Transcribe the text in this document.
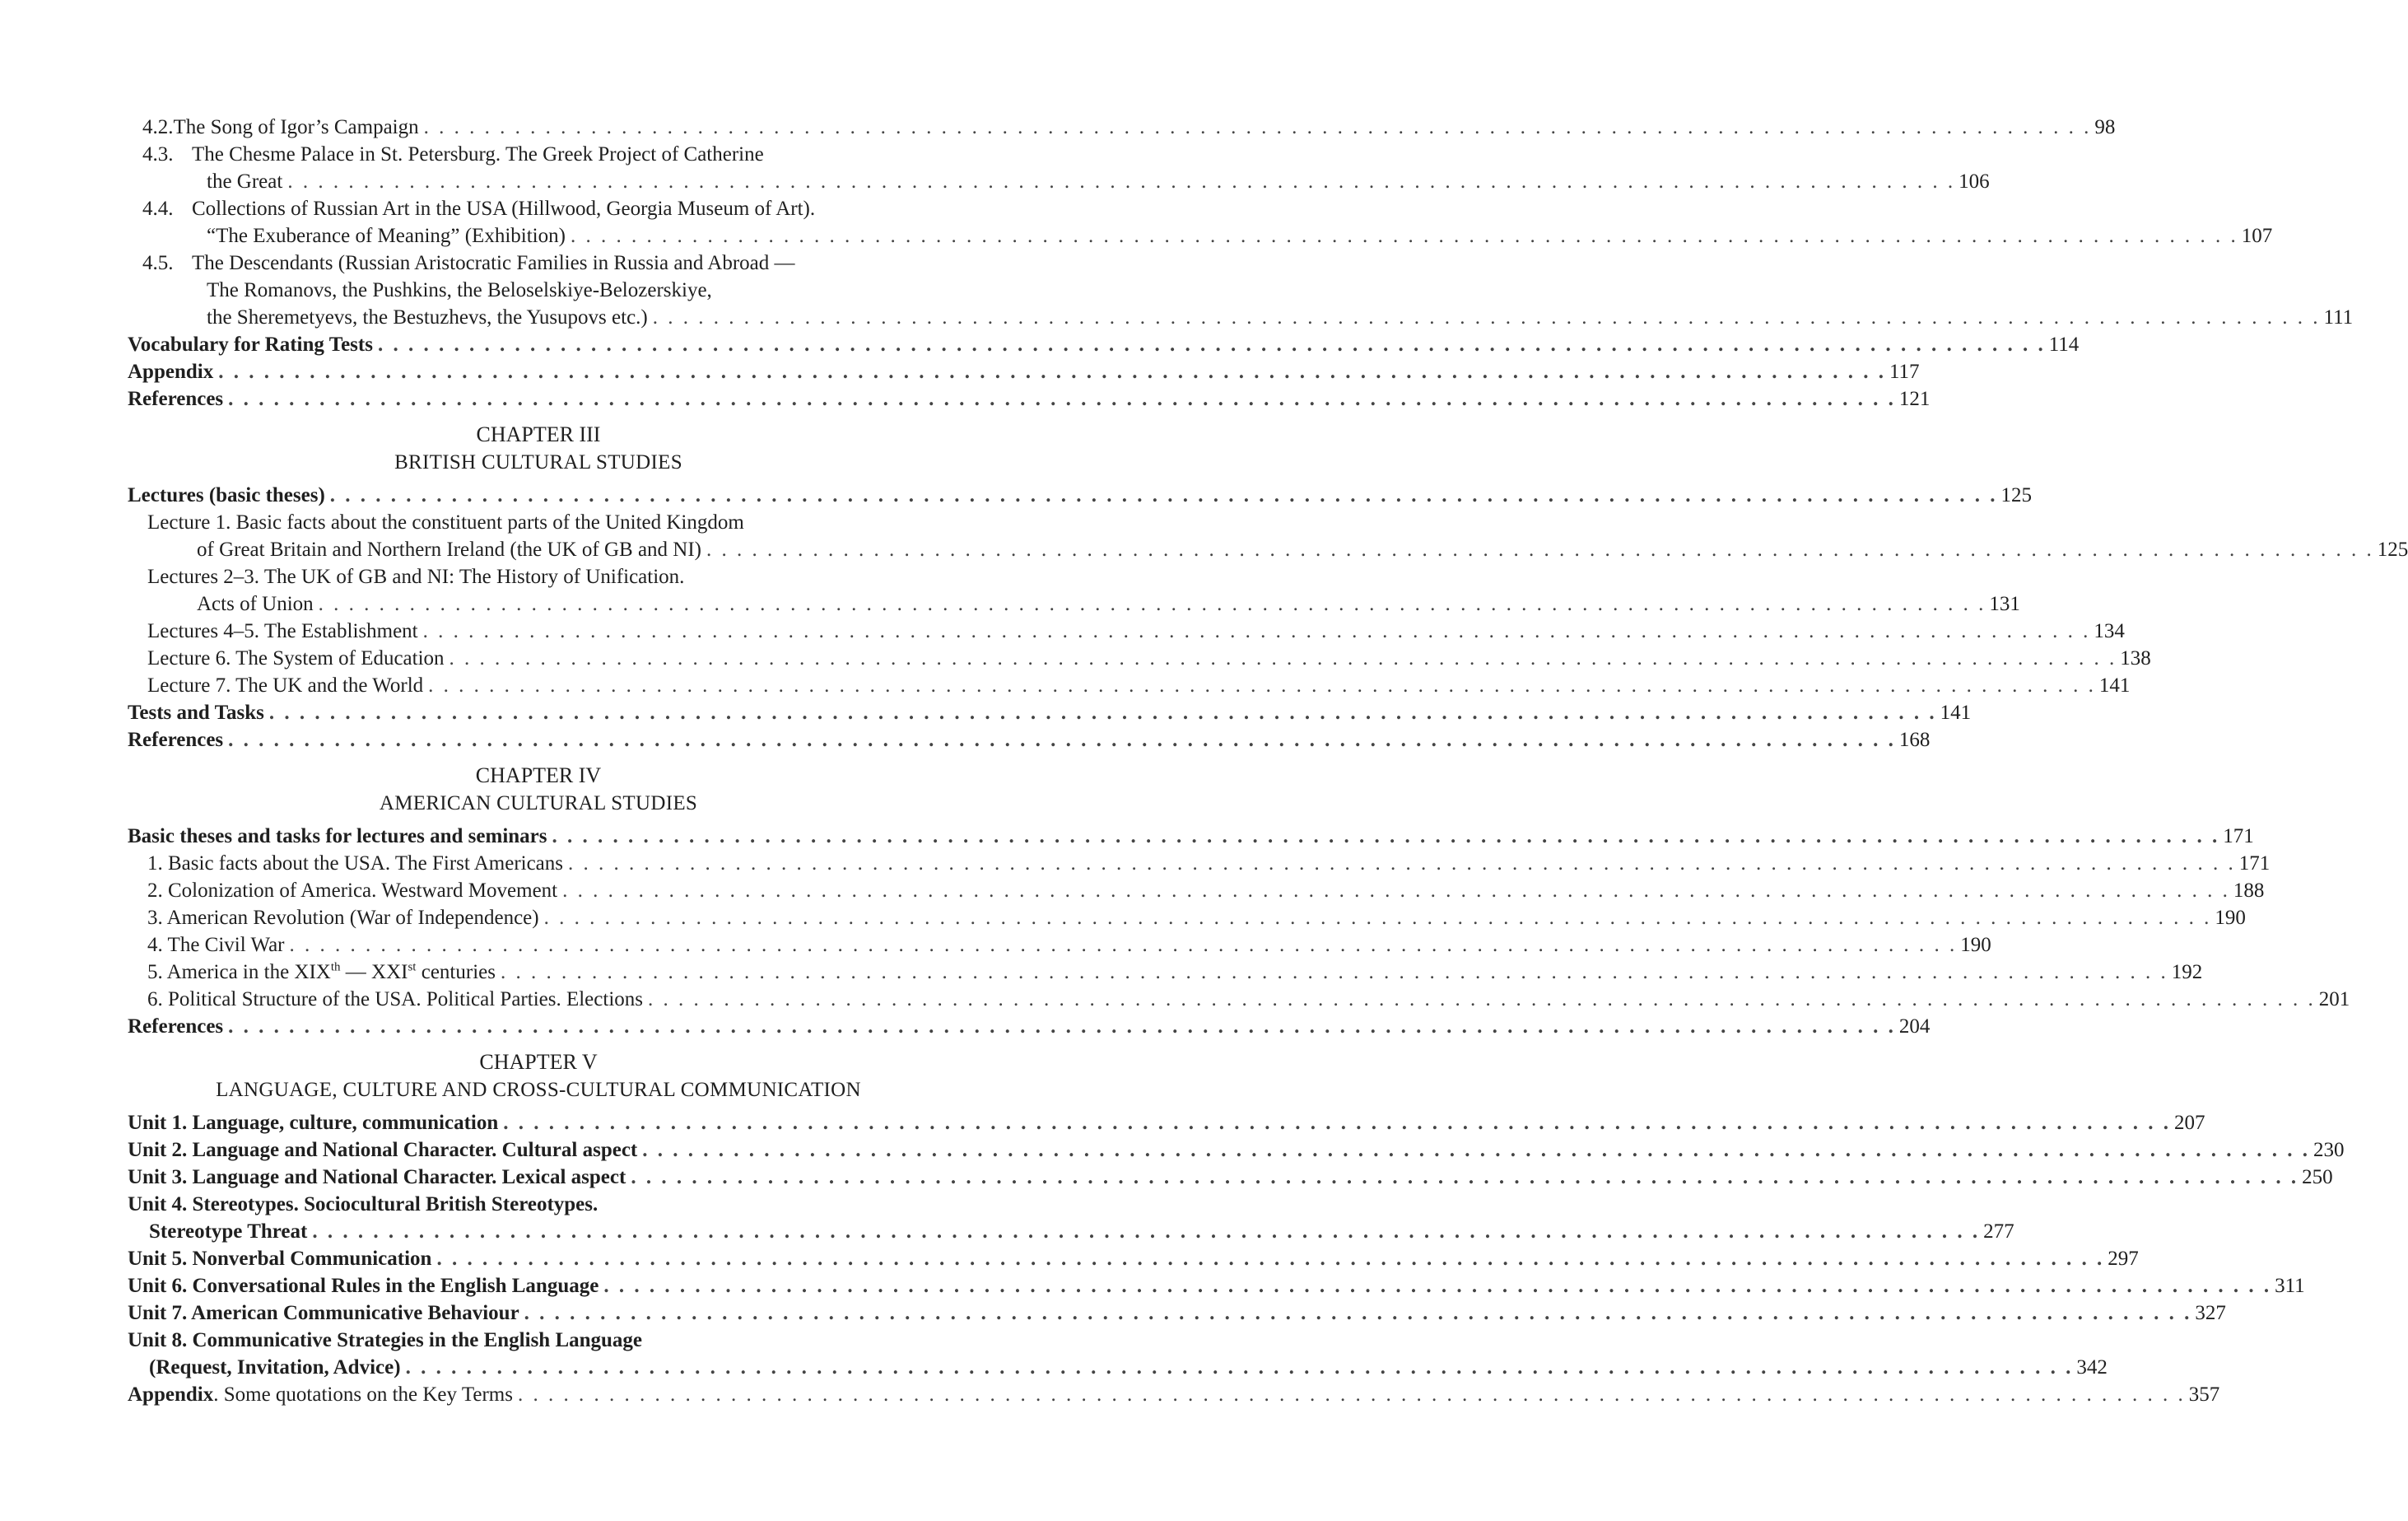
4.2. The Song of Igor’s Campaign . . .	98
4.3. The Chesme Palace in St. Petersburg. The Greek Project of Catherine
the Great . . .	106
4.4. Collections of Russian Art in the USA (Hillwood, Georgia Museum of Art).
“The Exuberance of Meaning” (Exhibition) . . .	107
4.5. The Descendants (Russian Aristocratic Families in Russia and Abroad —
The Romanovs, the Pushkins, the Beloselskiye-Belozerskiye,
the Sheremetyevs, the Bestuzhevs, the Yusupovs etc.) . . .	111
Vocabulary for Rating Tests . . .	114
Appendix . . .	117
References . . .	121
CHAPTER III
BRITISH CULTURAL STUDIES
Lectures (basic theses) . . .	125
Lecture 1. Basic facts about the constituent parts of the United Kingdom
of Great Britain and Northern Ireland (the UK of GB and NI) . . .	125
Lectures 2–3. The UK of GB and NI: The History of Unification.
Acts of Union . . .	131
Lectures 4–5. The Establishment . . .	134
Lecture 6. The System of Education . . .	138
Lecture 7. The UK and the World . . .	141
Tests and Tasks . . .	141
References . . .	168
CHAPTER IV
AMERICAN CULTURAL STUDIES
Basic theses and tasks for lectures and seminars . . .	171
1. Basic facts about the USA. The First Americans . . .	171
2. Colonization of America. Westward Movement . . .	188
3. American Revolution (War of Independence) . . .	190
4. The Civil War . . .	190
5. America in the XIXth — XXIst centuries . . .	192
6. Political Structure of the USA. Political Parties. Elections . . .	201
References . . .	204
CHAPTER V
LANGUAGE, CULTURE AND CROSS-CULTURAL COMMUNICATION
Unit 1. Language, culture, communication . . .	207
Unit 2. Language and National Character. Cultural aspect . . .	230
Unit 3. Language and National Character. Lexical aspect . . .	250
Unit 4. Stereotypes. Sociocultural British Stereotypes.
Stereotype Threat . . .	277
Unit 5. Nonverbal Communication . . .	297
Unit 6. Conversational Rules in the English Language . . .	311
Unit 7. American Communicative Behaviour . . .	327
Unit 8. Communicative Strategies in the English Language
(Request, Invitation, Advice) . . .	342
Appendix. Some quotations on the Key Terms . . .	357
